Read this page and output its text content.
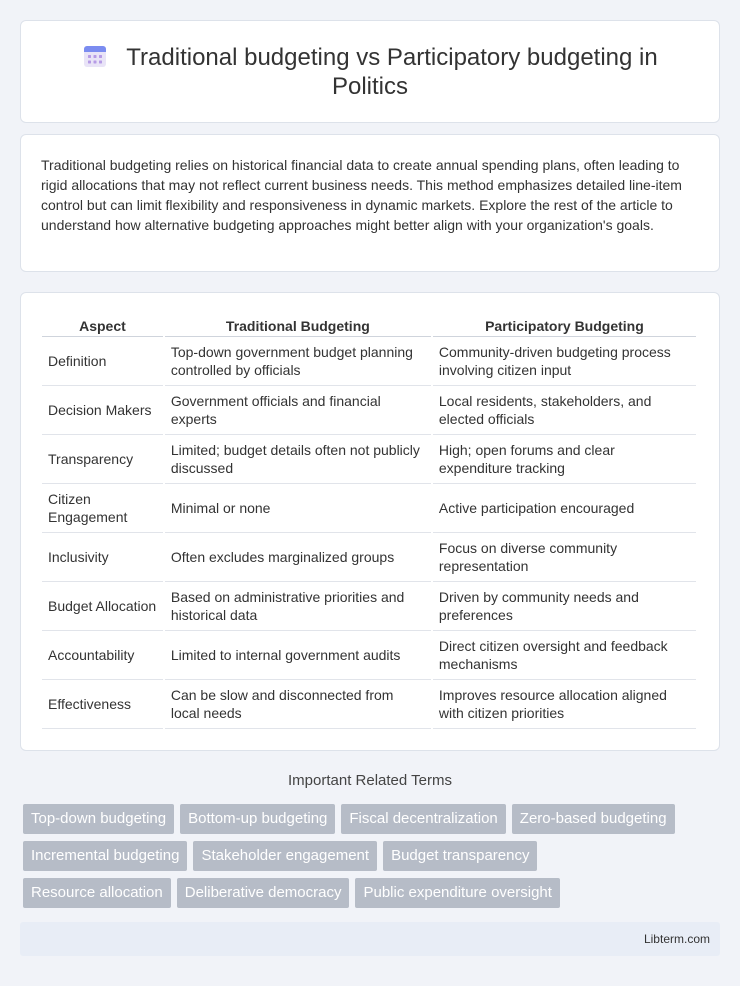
Traditional budgeting vs Participatory budgeting in Politics

Traditional budgeting relies on historical financial data to create annual spending plans, often leading to rigid allocations that may not reflect current business needs. This method emphasizes detailed line-item control but can limit flexibility and responsiveness in dynamic markets. Explore the rest of the article to understand how alternative budgeting approaches might better align with your organization's goals.

Aspect	Traditional Budgeting	Participatory Budgeting
Definition	Top-down government budget planning controlled by officials	Community-driven budgeting process involving citizen input
Decision Makers	Government officials and financial experts	Local residents, stakeholders, and elected officials
Transparency	Limited; budget details often not publicly discussed	High; open forums and clear expenditure tracking
Citizen Engagement	Minimal or none	Active participation encouraged
Inclusivity	Often excludes marginalized groups	Focus on diverse community representation
Budget Allocation	Based on administrative priorities and historical data	Driven by community needs and preferences
Accountability	Limited to internal government audits	Direct citizen oversight and feedback mechanisms
Effectiveness	Can be slow and disconnected from local needs	Improves resource allocation aligned with citizen priorities
Important Related Terms
Top-down budgeting	Bottom-up budgeting	Fiscal decentralization	Zero-based budgeting
Incremental budgeting	Stakeholder engagement	Budget transparency
Resource allocation	Deliberative democracy	Public expenditure oversight
Libterm.com
